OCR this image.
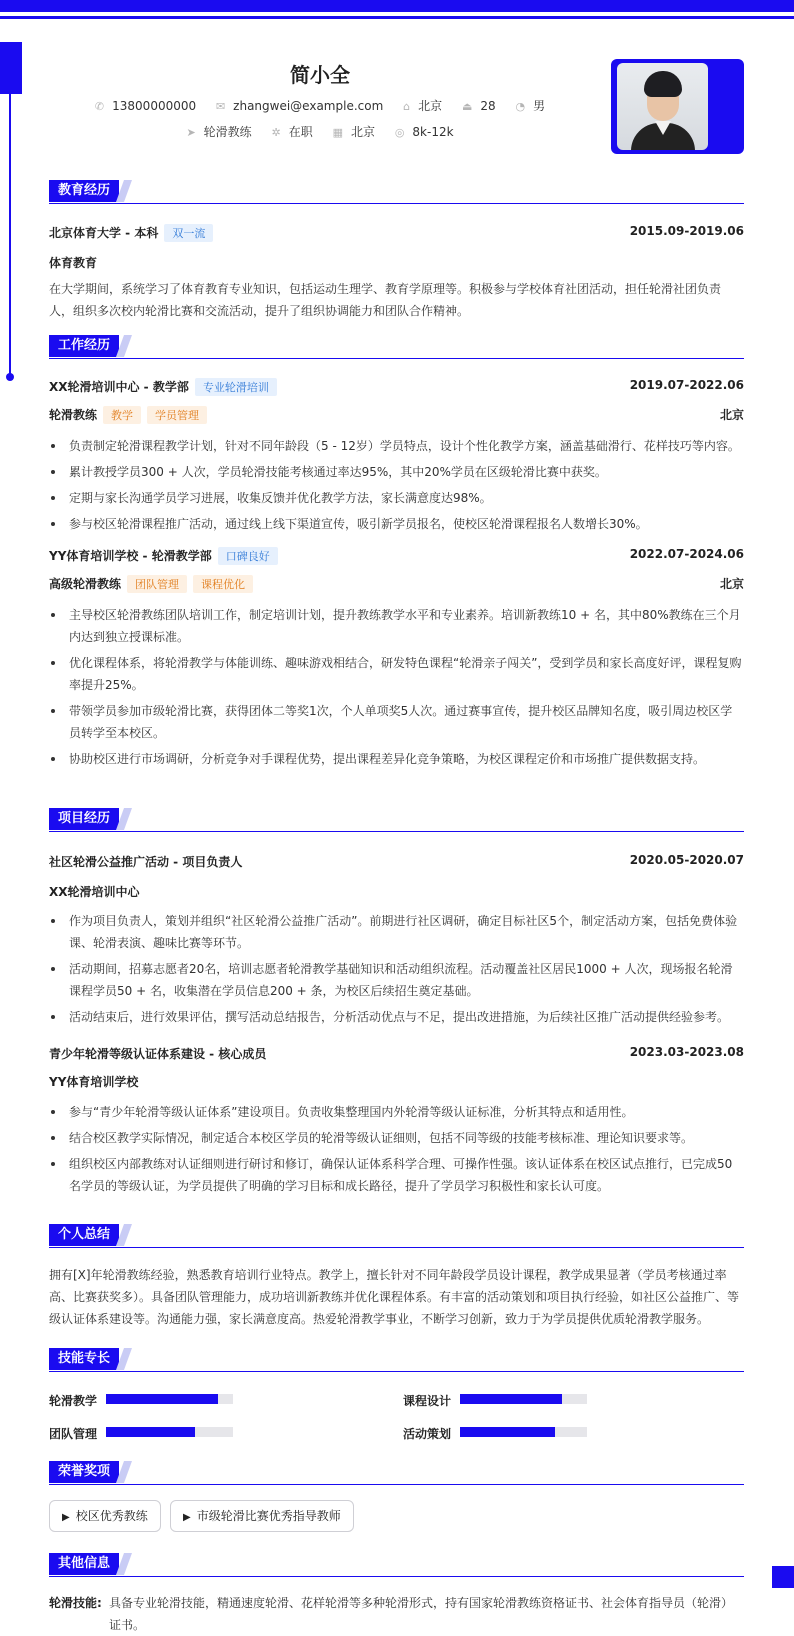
简小全
✆ 13800000000 ✉ zhangwei@example.com ⌂ 北京 ⏏ 28 ◔ 男
➤ 轮滑教练 ✲ 在职 ▦ 北京 ◎ 8k-12k
教育经历
北京体育大学 - 本科 双一流	2015.09-2019.06
体育教育
在大学期间，系统学习了体育教育专业知识，包括运动生理学、教育学原理等。积极参与学校体育社团活动，担任轮滑社团负责人，组织多次校内轮滑比赛和交流活动，提升了组织协调能力和团队合作精神。
工作经历
XX轮滑培训中心 - 教学部 专业轮滑培训	2019.07-2022.06
轮滑教练 教学 学员管理	北京
负责制定轮滑课程教学计划，针对不同年龄段（5 - 12岁）学员特点，设计个性化教学方案，涵盖基础滑行、花样技巧等内容。
累计教授学员300 + 人次，学员轮滑技能考核通过率达95%，其中20%学员在区级轮滑比赛中获奖。
定期与家长沟通学员学习进展，收集反馈并优化教学方法，家长满意度达98%。
参与校区轮滑课程推广活动，通过线上线下渠道宣传，吸引新学员报名，使校区轮滑课程报名人数增长30%。
YY体育培训学校 - 轮滑教学部 口碑良好	2022.07-2024.06
高级轮滑教练 团队管理 课程优化	北京
主导校区轮滑教练团队培训工作，制定培训计划，提升教练教学水平和专业素养。培训新教练10 + 名，其中80%教练在三个月内达到独立授课标准。
优化课程体系，将轮滑教学与体能训练、趣味游戏相结合，研发特色课程“轮滑亲子闯关”，受到学员和家长高度好评，课程复购率提升25%。
带领学员参加市级轮滑比赛，获得团体二等奖1次，个人单项奖5人次。通过赛事宣传，提升校区品牌知名度，吸引周边校区学员转学至本校区。
协助校区进行市场调研，分析竞争对手课程优势，提出课程差异化竞争策略，为校区课程定价和市场推广提供数据支持。
项目经历
社区轮滑公益推广活动 - 项目负责人	2020.05-2020.07
XX轮滑培训中心
作为项目负责人，策划并组织“社区轮滑公益推广活动”。前期进行社区调研，确定目标社区5个，制定活动方案，包括免费体验课、轮滑表演、趣味比赛等环节。
活动期间，招募志愿者20名，培训志愿者轮滑教学基础知识和活动组织流程。活动覆盖社区居民1000 + 人次，现场报名轮滑课程学员50 + 名，收集潜在学员信息200 + 条，为校区后续招生奠定基础。
活动结束后，进行效果评估，撰写活动总结报告，分析活动优点与不足，提出改进措施，为后续社区推广活动提供经验参考。
青少年轮滑等级认证体系建设 - 核心成员	2023.03-2023.08
YY体育培训学校
参与“青少年轮滑等级认证体系”建设项目。负责收集整理国内外轮滑等级认证标准，分析其特点和适用性。
结合校区教学实际情况，制定适合本校区学员的轮滑等级认证细则，包括不同等级的技能考核标准、理论知识要求等。
组织校区内部教练对认证细则进行研讨和修订，确保认证体系科学合理、可操作性强。该认证体系在校区试点推行，已完成50名学员的等级认证，为学员提供了明确的学习目标和成长路径，提升了学员学习积极性和家长认可度。
个人总结
拥有[X]年轮滑教练经验，熟悉教育培训行业特点。教学上，擅长针对不同年龄段学员设计课程，教学成果显著（学员考核通过率高、比赛获奖多）。具备团队管理能力，成功培训新教练并优化课程体系。有丰富的活动策划和项目执行经验，如社区公益推广、等级认证体系建设等。沟通能力强，家长满意度高。热爱轮滑教学事业，不断学习创新，致力于为学员提供优质轮滑教学服务。
技能专长
轮滑教学	课程设计
团队管理	活动策划
荣誉奖项
▶ 校区优秀教练	▶ 市级轮滑比赛优秀指导教师
其他信息
轮滑技能: 具备专业轮滑技能，精通速度轮滑、花样轮滑等多种轮滑形式，持有国家轮滑教练资格证书、社会体育指导员（轮滑）证书。
